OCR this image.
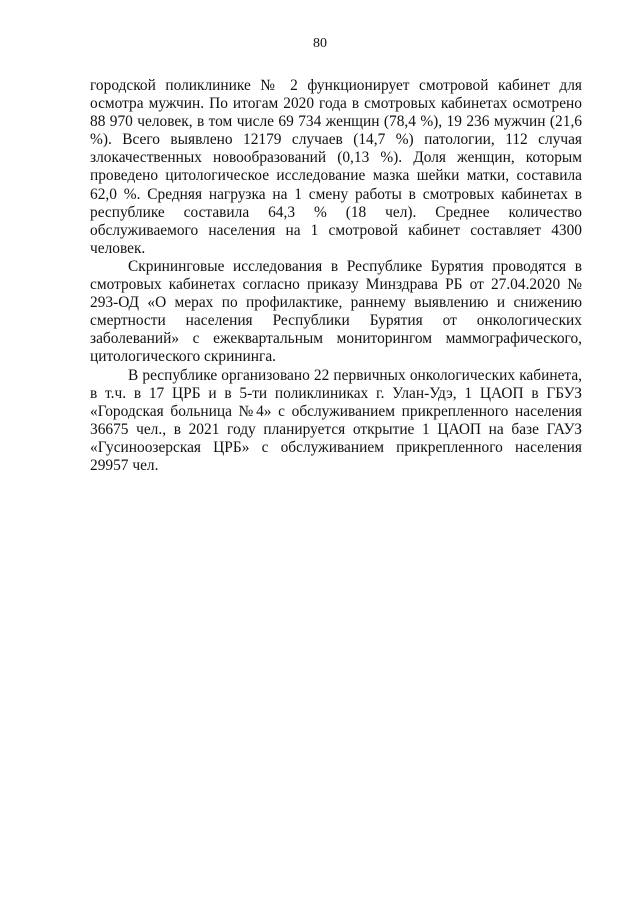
80

городской поликлинике № 2 функционирует смотровой кабинет для осмотра мужчин. По итогам 2020 года в смотровых кабинетах осмотрено 88 970 человек, в том числе 69 734 женщин (78,4 %), 19 236 мужчин (21,6 %). Всего выявлено 12179 случаев (14,7 %) патологии, 112 случая злокачественных новообразований (0,13 %). Доля женщин, которым проведено цитологическое исследование мазка шейки матки, составила 62,0 %. Средняя нагрузка на 1 смену работы в смотровых кабинетах в республике составила 64,3 % (18 чел). Среднее количество обслуживаемого населения на 1 смотровой кабинет составляет 4300 человек.

Скрининговые исследования в Республике Бурятия проводятся в смотровых кабинетах согласно приказу Минздрава РБ от 27.04.2020 № 293-ОД «О мерах по профилактике, раннему выявлению и снижению смертности населения Республики Бурятия от онкологических заболеваний» с ежеквартальным мониторингом маммографического, цитологического скрининга.

В республике организовано 22 первичных онкологических кабинета, в т.ч. в 17 ЦРБ и в 5-ти поликлиниках г. Улан-Удэ, 1 ЦАОП в ГБУЗ «Городская больница №4» с обслуживанием прикрепленного населения 36675 чел., в 2021 году планируется открытие 1 ЦАОП на базе ГАУЗ «Гусиноозерская ЦРБ» с обслуживанием прикрепленного населения 29957 чел.
